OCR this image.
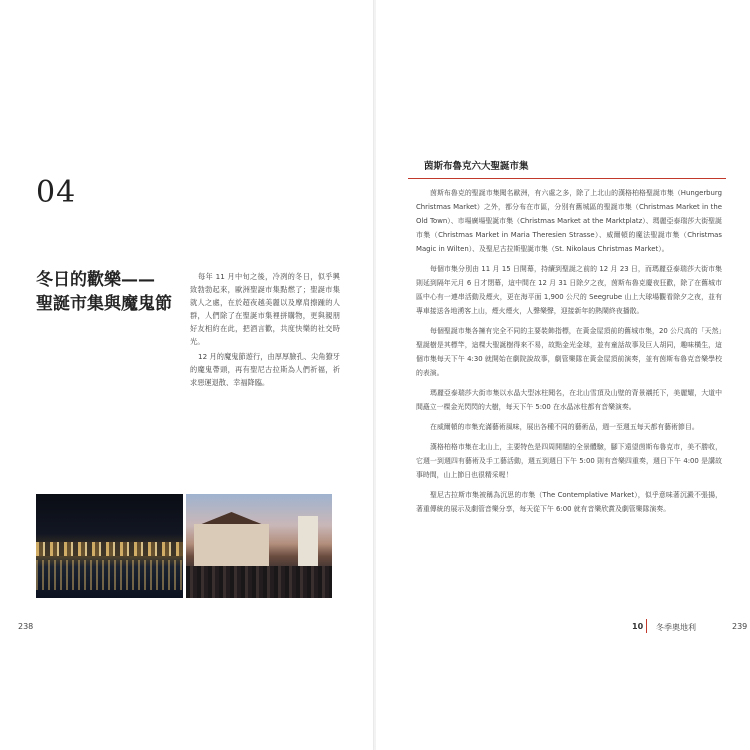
04
冬日的歡樂——
聖誕市集與魔鬼節

每年 11 月中旬之後，冷冽的冬日，似乎興致勃勃起來，歐洲聖誕市集點燃了；聖誕市集就人之處，在於超夜越美麗以及摩肩擦踵的人群，人們除了在聖誕市集裡拼購物，更與親朋好友相約在此，把酒言歡，共度快樂的社交時光。

12 月的魔鬼節遊行，由厚厚臉孔、尖角獠牙的魔鬼帶頭，再有聖尼古拉斯為人們祈福，祈求惡運退散、幸福降臨。

238
茵斯布魯克六大聖誕市集

茵斯布魯克的聖誕市集聞名歐洲，有六處之多，除了上北山的漢格柏格聖誕市集（Hungerburg Christmas Market）之外，都分布在市區，分別有舊城區的聖誕市集（Christmas Market in the Old Town）、市場廣場聖誕市集（Christmas Market at the Marktplatz）、瑪麗亞泰瑞莎大街聖誕市集（Christmas Market in Maria Theresien Strasse）、威爾頓的魔法聖誕市集（Christmas Magic in Wilten）、及聖尼古拉斯聖誕市集（St. Nikolaus Christmas Market）。

每個市集分別由 11 月 15 日開幕，持續到聖誕之前的 12 月 23 日，而瑪麗亞泰瑞莎大街市集則延到隔年元月 6 日才閉幕，這中間在 12 月 31 日除夕之夜，茵斯布魯克慶夜狂歡，除了在舊城市區中心有一連串活動及煙火，更在海平面 1,900 公尺的 Seegrube 山上大球場觀看除夕之夜，並有專車接送各地湧客上山，煙火煙火，人聲樂聲，迎接新年的熱鬧終夜播散。

每個聖誕市集各擁有完全不同的主要裝飾指標，在黃金屋頂前的舊城市集，20 公尺高的「天然」聖誕樹是其標竿，這棵大聖誕樹得來不易，故點金光金球，並有童話故事及巨人胡同，趣味橫生，這個市集每天下午 4:30 就開始在劇院說故事，劇管樂隊在黃金屋頂前演奏，並有茵斯布魯克音樂學校的表演。

瑪麗亞泰瑞莎大街市集以水晶大型冰柱聞名，在北山雪頂及山壁的背景襯托下，美麗耀，大道中間矗立一棵金光閃閃的大樹，每天下午 5:00 在水晶冰柱都有音樂演奏。

在威爾頓的市集充滿藝術風味，展出各種不同的藝術品，週一至週五每天都有藝術節目。

漢格柏格市集在北山上，主要特色是四周開闊的全景體驗，腳下遠望茵斯布魯克市，美不勝收，它週一到週四有藝術及手工藝活動，週五到週日下午 5:00 則有音樂四重奏，週日下午 4:00 是講故事時間，山上節日也很精采喔！

聖尼古拉斯市集被稱為沉思的市集（The Contemplative Market），似乎意味著沉澱不張揚，著重傳統的展示及劇管音樂分享，每天從下午 6:00 就有音樂欣賞及劇管樂隊演奏。

10 冬季奧地利	239
